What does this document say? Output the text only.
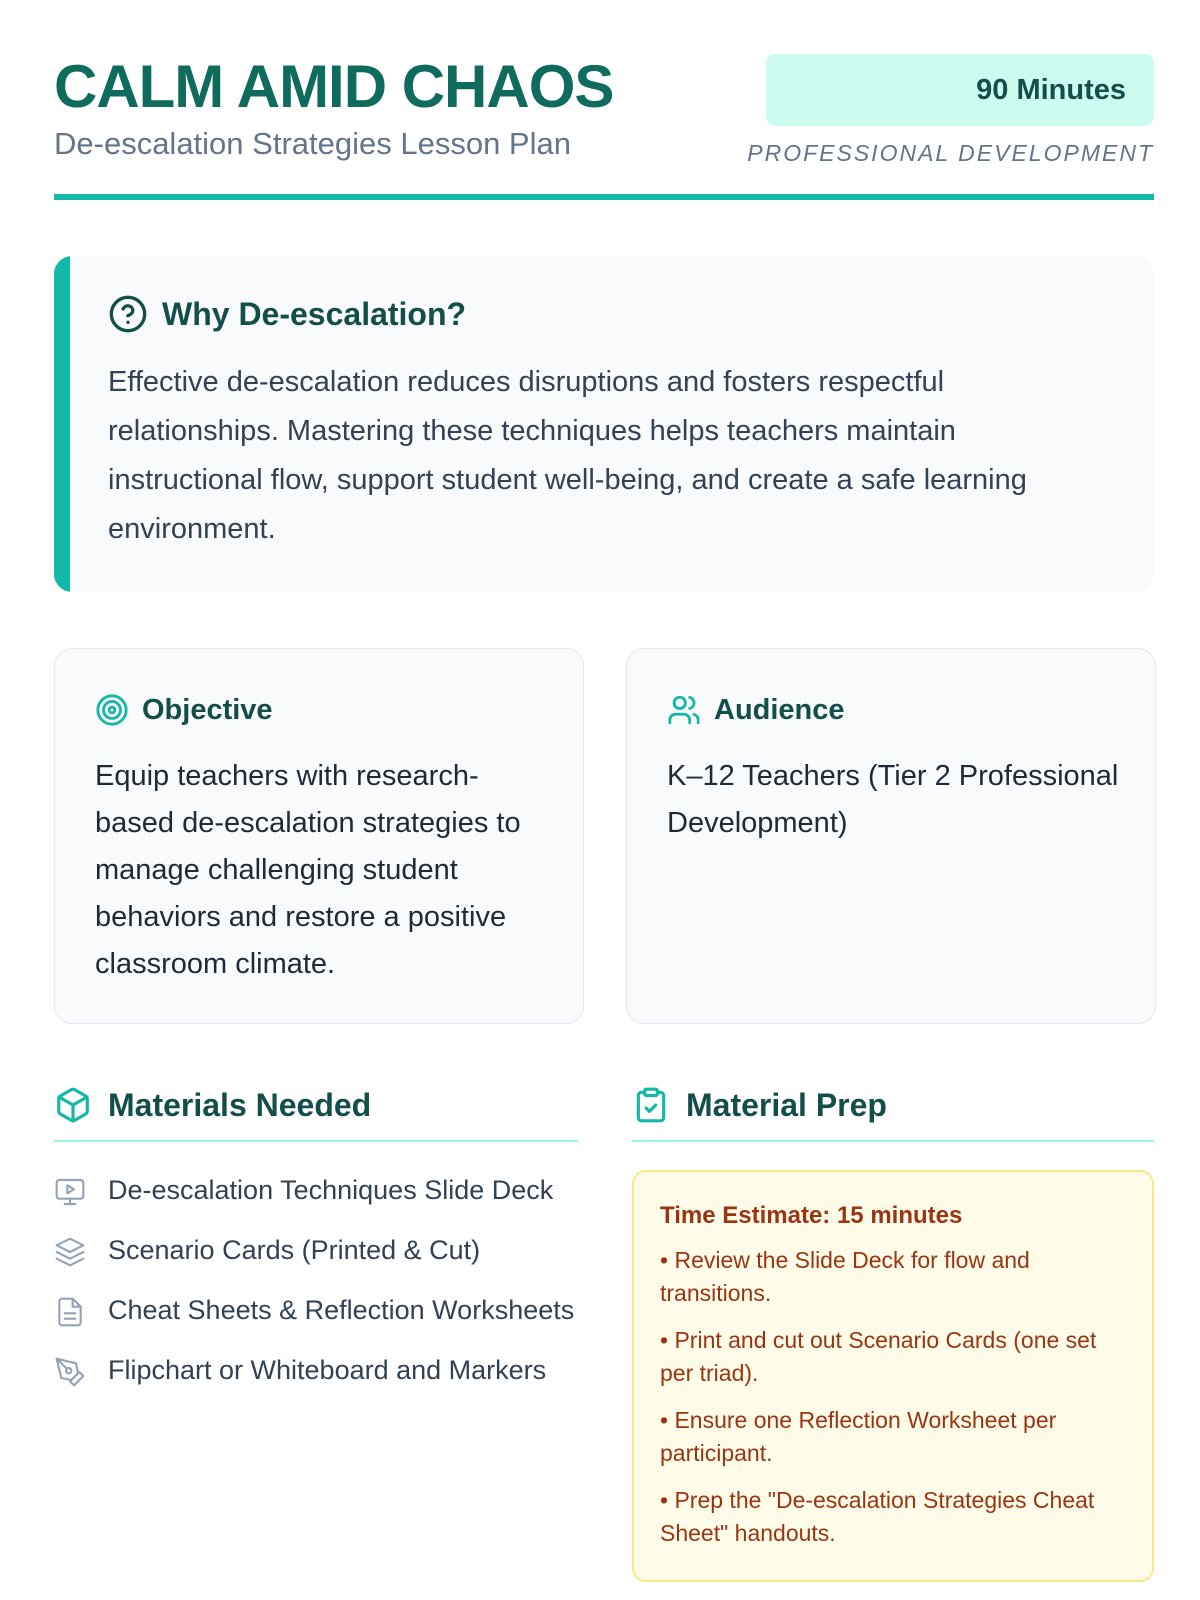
CALM AMID CHAOS
De-escalation Strategies Lesson Plan
90 Minutes
PROFESSIONAL DEVELOPMENT
Why De-escalation?
Effective de-escalation reduces disruptions and fosters respectful relationships. Mastering these techniques helps teachers maintain instructional flow, support student well-being, and create a safe learning environment.
Objective
Equip teachers with research-based de-escalation strategies to manage challenging student behaviors and restore a positive classroom climate.
Audience
K–12 Teachers (Tier 2 Professional Development)
Materials Needed
De-escalation Techniques Slide Deck
Scenario Cards (Printed & Cut)
Cheat Sheets & Reflection Worksheets
Flipchart or Whiteboard and Markers
Material Prep
Time Estimate: 15 minutes
• Review the Slide Deck for flow and transitions.
• Print and cut out Scenario Cards (one set per triad).
• Ensure one Reflection Worksheet per participant.
• Prep the "De-escalation Strategies Cheat Sheet" handouts.
